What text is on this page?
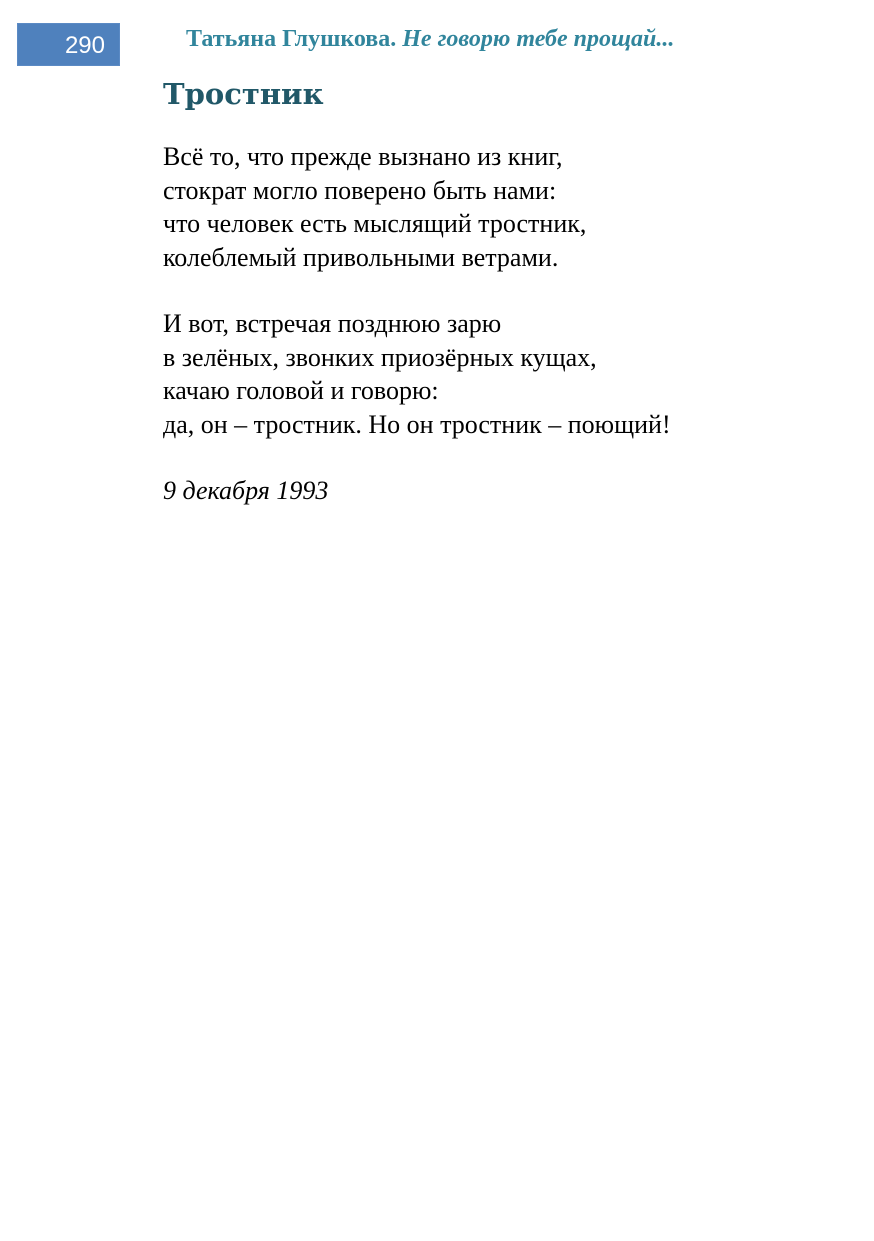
290	Татьяна Глушкова. Не говорю тебе прощай...
Тростник
Всё то, что прежде вызнано из книг,
стократ могло поверено быть нами:
что человек есть мыслящий тростник,
колеблемый привольными ветрами.
И вот, встречая позднюю зарю
в зелёных, звонких приозёрных кущах,
качаю головой и говорю:
да, он – тростник. Но он тростник – поющий!
9 декабря 1993
